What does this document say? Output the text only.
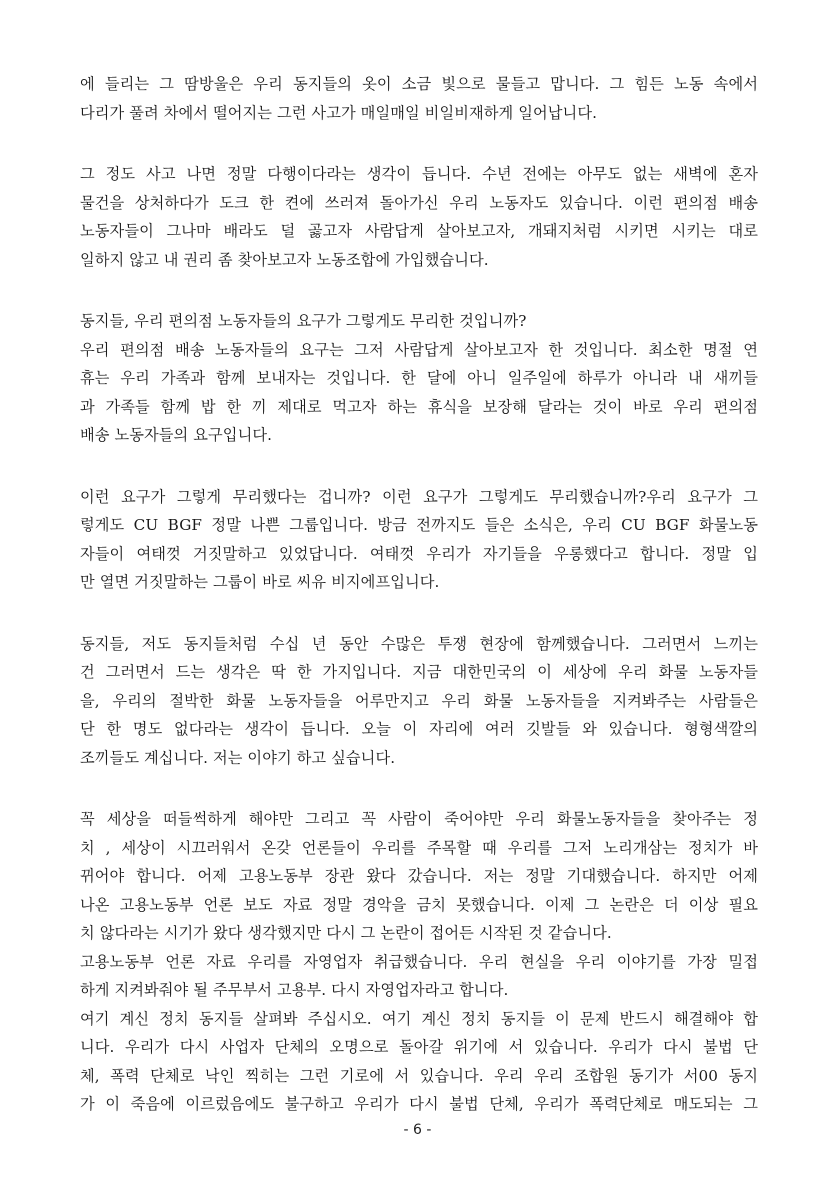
에 들리는 그 땀방울은 우리 동지들의 옷이 소금 빛으로 물들고 맙니다. 그 힘든 노동 속에서
다리가 풀려 차에서 떨어지는 그런 사고가 매일매일 비일비재하게 일어납니다.
그 정도 사고 나면 정말 다행이다라는 생각이 듭니다. 수년 전에는 아무도 없는 새벽에 혼자
물건을 상처하다가 도크 한 켠에 쓰러져 돌아가신 우리 노동자도 있습니다. 이런 편의점 배송
노동자들이 그나마 배라도 덜 곯고자 사람답게 살아보고자, 개돼지처럼 시키면 시키는 대로
일하지 않고 내 권리 좀 찾아보고자 노동조합에 가입했습니다.
동지들, 우리 편의점 노동자들의 요구가 그렇게도 무리한 것입니까?
우리 편의점 배송 노동자들의 요구는 그저 사람답게 살아보고자 한 것입니다. 최소한 명절 연
휴는 우리 가족과 함께 보내자는 것입니다. 한 달에 아니 일주일에 하루가 아니라 내 새끼들
과 가족들 함께 밥 한 끼 제대로 먹고자 하는 휴식을 보장해 달라는 것이 바로 우리 편의점
배송 노동자들의 요구입니다.
이런 요구가 그렇게 무리했다는 겁니까? 이런 요구가 그렇게도 무리했습니까?우리 요구가 그
렇게도 CU BGF 정말 나쁜 그룹입니다. 방금 전까지도 들은 소식은, 우리 CU BGF 화물노동
자들이 여태껏 거짓말하고 있었답니다. 여태껏 우리가 자기들을 우롱했다고 합니다. 정말 입
만 열면 거짓말하는 그룹이 바로 씨유 비지에프입니다.
동지들, 저도 동지들처럼 수십 년 동안 수많은 투쟁 현장에 함께했습니다. 그러면서 느끼는
건 그러면서 드는 생각은 딱 한 가지입니다. 지금 대한민국의 이 세상에 우리 화물 노동자들
을, 우리의 절박한 화물 노동자들을 어루만지고 우리 화물 노동자들을 지켜봐주는 사람들은
단 한 명도 없다라는 생각이 듭니다. 오늘 이 자리에 여러 깃발들 와 있습니다. 형형색깔의
조끼들도 계십니다. 저는 이야기 하고 싶습니다.
꼭 세상을 떠들썩하게 해야만 그리고 꼭 사람이 죽어야만 우리 화물노동자들을 찾아주는 정
치 , 세상이 시끄러워서 온갖 언론들이 우리를 주목할 때 우리를 그저 노리개삼는 정치가 바
뀌어야 합니다. 어제 고용노동부 장관 왔다 갔습니다. 저는 정말 기대했습니다. 하지만 어제
나온 고용노동부 언론 보도 자료 정말 경악을 금치 못했습니다. 이제 그 논란은 더 이상 필요
치 않다라는 시기가 왔다 생각했지만 다시 그 논란이 접어든 시작된 것 같습니다.
고용노동부 언론 자료 우리를 자영업자 취급했습니다. 우리 현실을 우리 이야기를 가장 밀접
하게 지켜봐줘야 될 주무부서 고용부. 다시 자영업자라고 합니다.
여기 계신 정치 동지들 살펴봐 주십시오. 여기 계신 정치 동지들 이 문제 반드시 해결해야 합
니다. 우리가 다시 사업자 단체의 오명으로 돌아갈 위기에 서 있습니다. 우리가 다시 불법 단
체, 폭력 단체로 낙인 찍히는 그런 기로에 서 있습니다. 우리 우리 조합원 동기가 서00 동지
가 이 죽음에 이르렀음에도 불구하고 우리가 다시 불법 단체, 우리가 폭력단체로 매도되는 그
- 6 -
